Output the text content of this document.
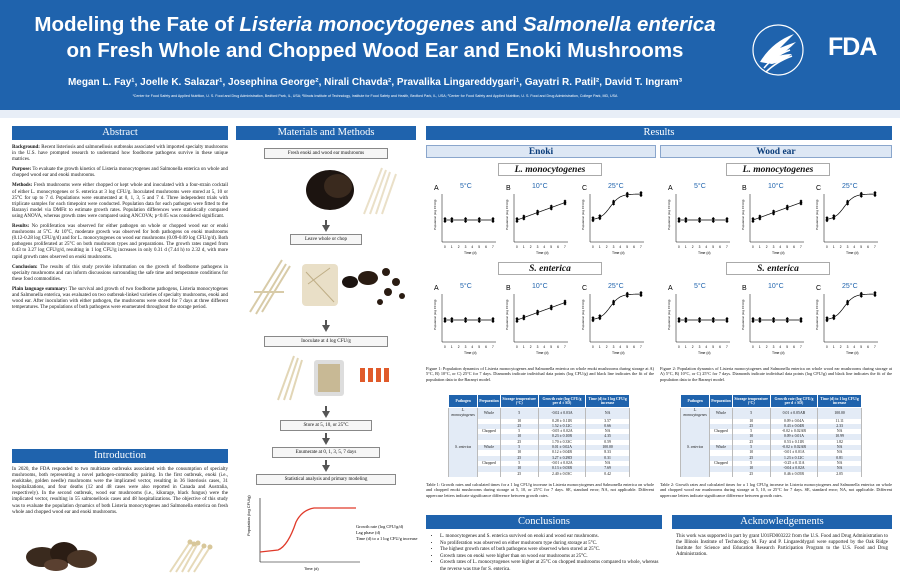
Modeling the Fate of Listeria monocytogenes and Salmonella enterica
on Fresh Whole and Chopped Wood Ear and Enoki Mushrooms
Megan L. Fay¹, Joelle K. Salazar¹, Josephina George², Nirali Chavda², Pravalika Lingareddygari¹, Gayatri R. Patil², David T. Ingram³
¹Center for Food Safety and Applied Nutrition, U. S. Food and Drug Administration, Bedford Park, IL, USA; ²Illinois Institute of Technology, Institute for Food Safety and Health, Bedford Park, IL, USA; ³Center for Food Safety and Applied Nutrition, U. S. Food and Drug Administration, College Park, MD, USA
FDA
Abstract

Background: Recent listeriosis and salmonellosis outbreaks associated with imported specialty mushrooms in the U.S. have prompted research to understand how foodborne pathogens survive in these unique matrices.

Purpose: To evaluate the growth kinetics of Listeria monocytogenes and Salmonella enterica on whole and chopped wood ear and enoki mushrooms.

Methods: Fresh mushrooms were either chopped or kept whole and inoculated with a four-strain cocktail of either L. monocytogenes or S. enterica at 3 log CFU/g. Inoculated mushrooms were stored at 5, 10 or 25°C for up to 7 d. Populations were enumerated at 0, 1, 3, 5 and 7 d. Three independent trials with triplicate samples for each timepoint were conducted. Population data for each pathogen were fitted to the Baranyi model via DMFit to estimate growth rates. Population differences were statistically compared using ANOVA, whereas growth rates were compared using ANCOVA; p<0.05 was considered significant.

Results: No proliferation was observed for either pathogen on whole or chopped wood ear or enoki mushrooms at 5°C. At 10°C, moderate growth was observed for both pathogens on enoki mushrooms (0.12-0.28 log CFU/g/d) and for L. monocytogenes on wood ear mushrooms (0.09-0.09 log CFU/g/d). Both pathogens proliferated at 25°C on both mushroom types and preparations. The growth rates ranged from 0.43 to 3.27 log CFU/g/d, resulting in 1 log CFU/g increases in only 0.31 d (7.44 h) to 2.32 d, with more rapid growth rates observed on enoki mushrooms.

Conclusion: The results of this study provide information on the growth of foodborne pathogens in specialty mushrooms and can inform discussions surrounding the safe time and temperature conditions for these food commodities.

Plain language summary: The survival and growth of two foodborne pathogens, Listeria monocytogenes and Salmonella enterica, was evaluated on two outbreak-linked varieties of specialty mushrooms, enoki and wood ear. After inoculation with either pathogen, the mushrooms were stored for 7 days at three different temperatures. The populations of both pathogens were enumerated throughout the storage period.

Introduction
In 2020, the FDA responded to two multistate outbreaks associated with the consumption of specialty mushrooms, both representing a novel pathogen-commodity pairing. In the first outbreak, enoki (i.e., enokitake, golden needle) mushrooms were the implicated vector, resulting in 36 listeriosis cases, 31 hospitalizations, and four deaths (12 and 48 cases were also reported in Canada and Australia, respectively). In the second outbreak, wood ear mushrooms (i.e., kikurage, black fungus) were the implicated vector, resulting in 55 salmonellosis cases and 48 hospitalizations. The objective of this study was to evaluate the population dynamics of both Listeria monocytogenes and Salmonella enterica on fresh whole and chopped wood ear and enoki mushrooms.
Materials and Methods
Fresh enoki and wood ear mushrooms
Leave whole or chop
Inoculate at 4 log CFU/g
Store at 5, 10, or 25°C
Enumerate at 0, 1, 3, 5, 7 days
Statistical analysis and primary modeling
Population (log CFU/g)
Time (d)
Growth rate (log CFU/g/d)
Lag phase (d)
Time (d) to a 1 log CFU/g increase
Results
Enoki	Wood ear
L. monocytogenes	L. monocytogenes
S. enterica	S. enterica
A	5°C
0 1 2 3 4 5 6 7
Time (d)
Population (log CFU/g)
B	10°C
0 1 2 3 4 5 6 7
Time (d)
Population (log CFU/g)
C	25°C
0 1 2 3 4 5 6 7
Time (d)
Population (log CFU/g)
A	5°C
0 1 2 3 4 5 6 7
Time (d)
Population (log CFU/g)
B	10°C
0 1 2 3 4 5 6 7
Time (d)
Population (log CFU/g)
C	25°C
0 1 2 3 4 5 6 7
Time (d)
Population (log CFU/g)
A	5°C
0 1 2 3 4 5 6 7
Time (d)
Population (log CFU/g)
B	10°C
0 1 2 3 4 5 6 7
Time (d)
Population (log CFU/g)
C	25°C
0 1 2 3 4 5 6 7
Time (d)
Population (log CFU/g)
A	5°C
0 1 2 3 4 5 6 7
Time (d)
Population (log CFU/g)
B	10°C
0 1 2 3 4 5 6 7
Time (d)
Population (log CFU/g)
C	25°C
0 1 2 3 4 5 6 7
Time (d)
Population (log CFU/g)
Figure 1: Population dynamics of Listeria monocytogenes and Salmonella enterica on whole enoki mushrooms during storage at A) 5°C, B) 10°C, or C) 25°C for 7 days. Diamonds indicate individual data points (log CFU/g) and black line indicates the fit of the population data to the Baranyi model.
Figure 2: Population dynamics of Listeria monocytogenes and Salmonella enterica on whole wood ear mushrooms during storage at A) 5°C, B) 10°C, or C) 25°C for 7 days. Diamonds indicate individual data points (log CFU/g) and black line indicates the fit of the population data to the Baranyi model.
Pathogen	Preparation	Storage temperature (°C)	Growth rate (log CFU/g per d ± SD)	Time (d) to 1 log CFU/g increase
L. monocytogenes	Whole	5	-0.02 ± 0.03A	NA
		10	0.28 ± 0.11B	3.57
		25	1.52 ± 0.12C	0.66
	Chopped	5	-0.05 ± 0.02A	NA
		10	0.23 ± 0.10B	4.35
		25	1.70 ± 0.33C	0.59
S. enterica	Whole	5	0.01 ± 0.02A	100.00
		10	0.12 ± 0.04B	8.33
		25	3.27 ± 0.29D	0.31
	Chopped	5	-0.01 ± 0.02A	NA
		10	0.13 ± 0.03B	7.69
		25	2.40 ± 0.03C	0.42
Pathogen	Preparation	Storage temperature (°C)	Growth rate (log CFU/g per d ± SD)	Time (d) to 1 log CFU/g increase
L. monocytogenes	Whole	5	0.01 ± 0.05AB	100.00
		10	0.09 ± 0.04A	11.11
		25	0.43 ± 0.04B	2.33
	Chopped	5	-0.02 ± 0.02AB	NA
		10	0.09 ± 0.01A	10.99
		25	0.53 ± 0.11B	1.82
S. enterica	Whole	5	-0.02 ± 0.02AB	NA
		10	-0.01 ± 0.01A	NA
		25	1.23 ± 0.12C	0.81
	Chopped	5	-0.25 ± 0.11A	NA
		10	-0.04 ± 0.02A	NA
		25	0.46 ± 0.05B	2.05
Table 1: Growth rates and calculated times for a 1 log CFU/g increase in Listeria monocytogenes and Salmonella enterica on whole and chopped enoki mushrooms during storage at 5, 10, or 25°C for 7 days. SE, standard error; NA, not applicable. Different uppercase letters indicate significance difference between growth rates.
Table 2: Growth rates and calculated times for a 1 log CFU/g increase in Listeria monocytogenes and Salmonella enterica on whole and chopped wood ear mushrooms during storage at 5, 10, or 25°C for 7 days. SE, standard error; NA, not applicable. Different uppercase letters indicate significance difference between growth rates.
Conclusions
• L. monocytogenes and S. enterica survived on enoki and wood ear mushrooms.
• No proliferation was observed on either mushroom type during storage at 5°C.
• The highest growth rates of both pathogens were observed when stored at 25°C.
• Growth rates on enoki were higher than on wood ear mushrooms at 25°C.
• Growth rates of L. monocytogenes were higher at 25°C on chopped mushrooms compared to whole, whereas the reverse was true for S. enterica.
Acknowledgements
This work was supported in part by grant U01FD003222 from the U.S. Food and Drug Administration to the Illinois Institute of Technology. M. Fay and P. Lingareddygari were supported by the Oak Ridge Institute for Science and Education Research Participation Program to the U.S. Food and Drug Administration.
